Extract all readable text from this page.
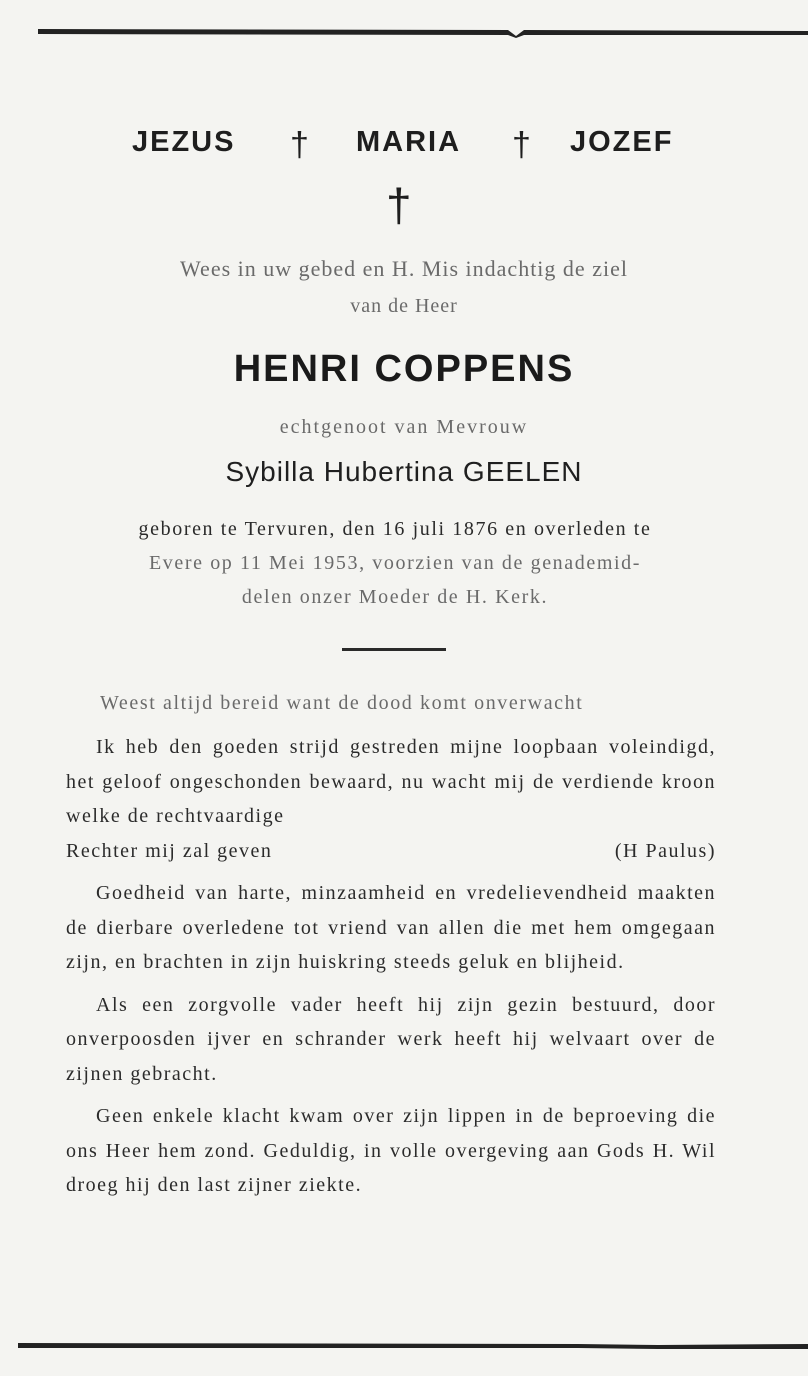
JEZUS † MARIA † JOZEF
†
Wees in uw gebed en H. Mis indachtig de ziel
van de Heer
HENRI COPPENS
echtgenoot van Mevrouw
Sybilla Hubertina GEELEN
geboren te Tervuren, den 16 juli 1876 en overleden te
Evere op 11 Mei 1953, voorzien van de genademid-
delen onzer Moeder de H. Kerk.
Weest altijd bereid want de dood komt onverwacht

Ik heb den goeden strijd gestreden mijne loopbaan voleindigd, het geloof ongeschonden bewaard, nu wacht mij de verdiende kroon welke de rechtvaardige

Rechter mij zal geven	(H Paulus)

Goedheid van harte, minzaamheid en vredelievendheid maakten de dierbare overledene tot vriend van allen die met hem omgegaan zijn, en brachten in zijn huiskring steeds geluk en blijheid.

Als een zorgvolle vader heeft hij zijn gezin bestuurd, door onverpoosden ijver en schrander werk heeft hij welvaart over de zijnen gebracht.

Geen enkele klacht kwam over zijn lippen in de beproeving die ons Heer hem zond. Geduldig, in volle overgeving aan Gods H. Wil droeg hij den last zijner ziekte.
